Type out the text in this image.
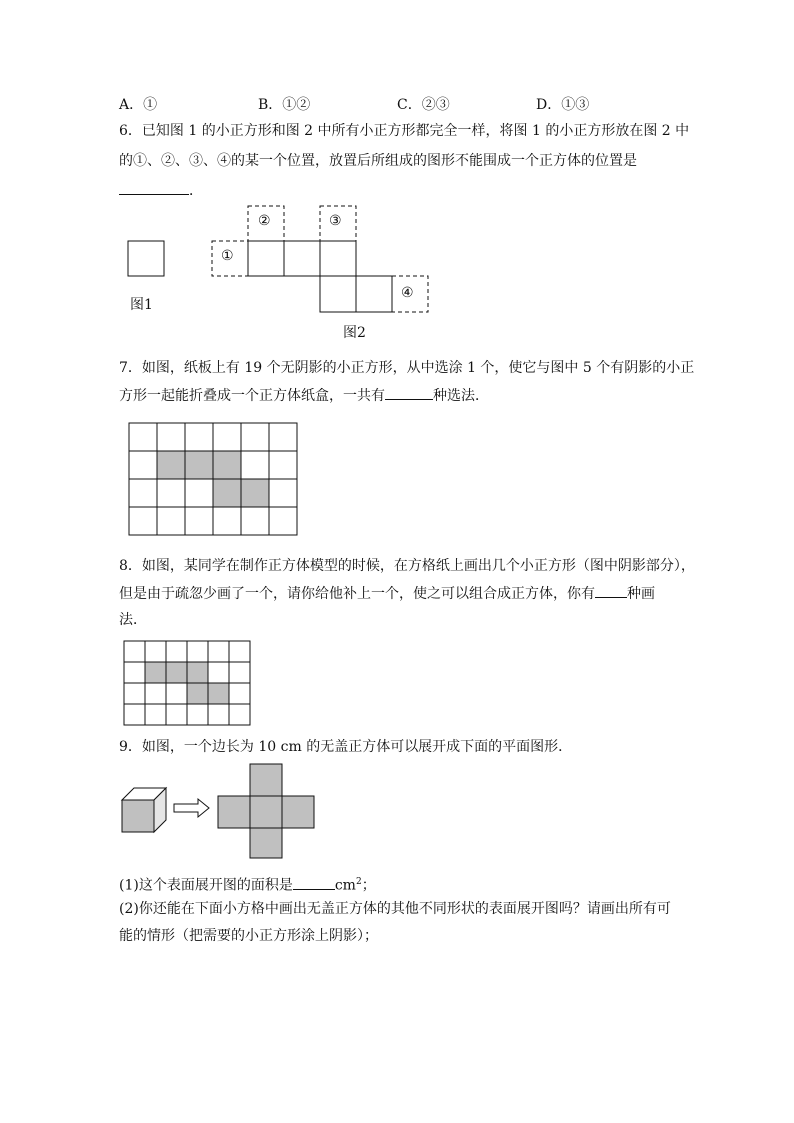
A．①	B．①②	C．②③	D．①③
6．已知图 1 的小正方形和图 2 中所有小正方形都完全一样，将图 1 的小正方形放在图 2 中
的①、②、③、④的某一个位置，放置后所组成的图形不能围成一个正方体的位置是
．
①
②	③
④
图1
图2
7．如图，纸板上有 19 个无阴影的小正方形，从中选涂 1 个，使它与图中 5 个有阴影的小正
方形一起能折叠成一个正方体纸盒，一共有	种选法．
8．如图，某同学在制作正方体模型的时候，在方格纸上画出几个小正方形（图中阴影部分），
但是由于疏忽少画了一个，请你给他补上一个，使之可以组合成正方体，你有 种画
法．
9．如图，一个边长为 10 cm 的无盖正方体可以展开成下面的平面图形．
(1)这个表面展开图的面积是	$cm^2$；
(2)你还能在下面小方格中画出无盖正方体的其他不同形状的表面展开图吗？请画出所有可
能的情形（把需要的小正方形涂上阴影）；
